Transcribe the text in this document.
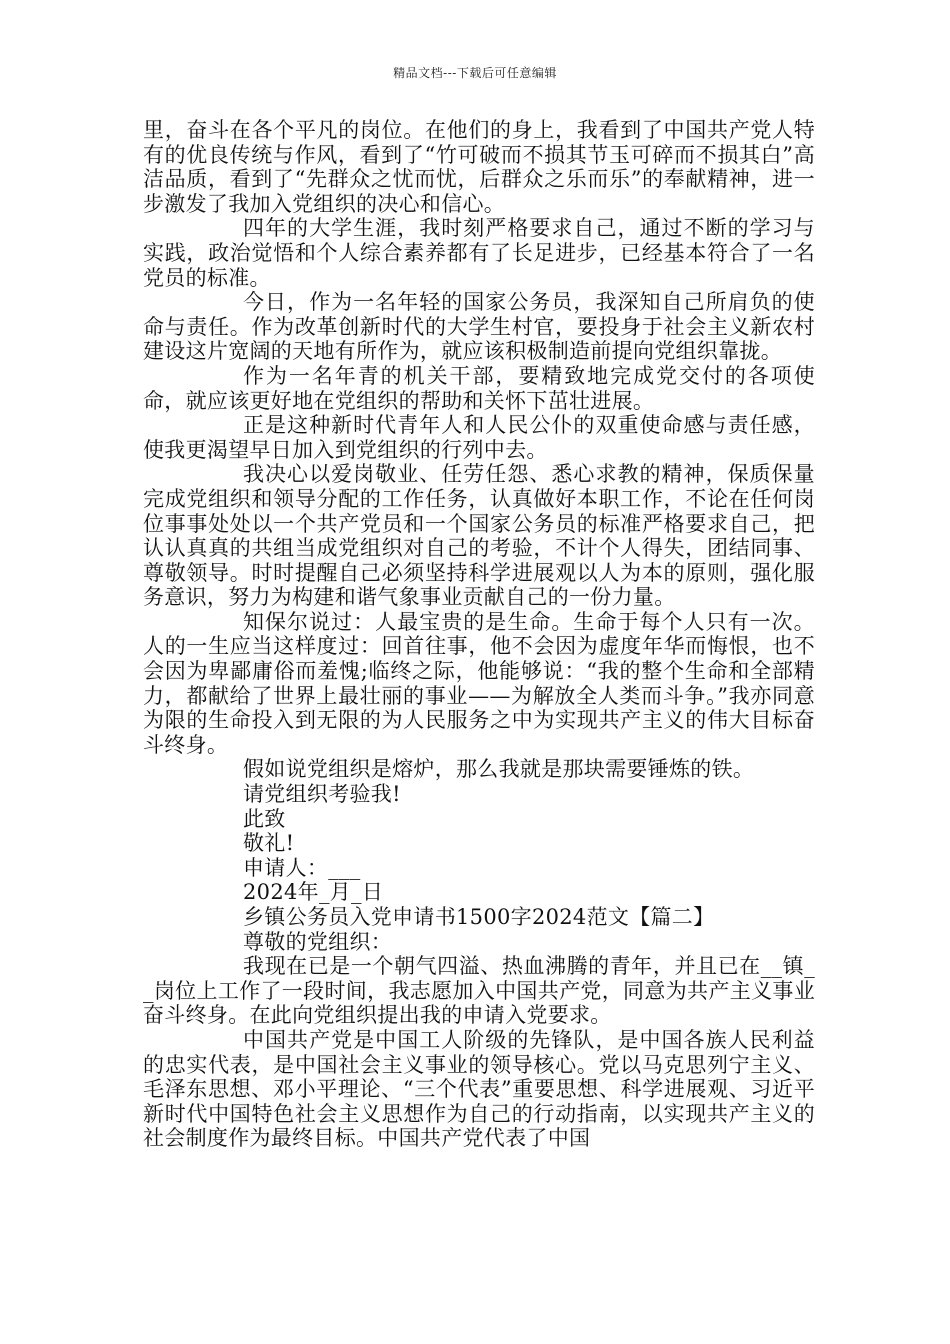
精品文档---下载后可任意编辑

里，奋斗在各个平凡的岗位。在他们的身上，我看到了中国共产党人特有的优良传统与作风，看到了“竹可破而不损其节玉可碎而不损其白”高洁品质，看到了“先群众之忧而忧，后群众之乐而乐”的奉献精神，进一步激发了我加入党组织的决心和信心。

四年的大学生涯，我时刻严格要求自己，通过不断的学习与实践，政治觉悟和个人综合素养都有了长足进步，已经基本符合了一名党员的标准。

今日，作为一名年轻的国家公务员，我深知自己所肩负的使命与责任。作为改革创新时代的大学生村官，要投身于社会主义新农村建设这片宽阔的天地有所作为，就应该积极制造前提向党组织靠拢。

作为一名年青的机关干部，要精致地完成党交付的各项使命，就应该更好地在党组织的帮助和关怀下茁壮进展。

正是这种新时代青年人和人民公仆的双重使命感与责任感，使我更渴望早日加入到党组织的行列中去。

我决心以爱岗敬业、任劳任怨、悉心求教的精神，保质保量完成党组织和领导分配的工作任务，认真做好本职工作，不论在任何岗位事事处处以一个共产党员和一个国家公务员的标准严格要求自己，把认认真真的共组当成党组织对自己的考验，不计个人得失，团结同事、尊敬领导。时时提醒自己必须坚持科学进展观以人为本的原则，强化服务意识，努力为构建和谐气象事业贡献自己的一份力量。

知保尔说过：人最宝贵的是生命。生命于每个人只有一次。人的一生应当这样度过：回首往事，他不会因为虚度年华而悔恨，也不会因为卑鄙庸俗而羞愧;临终之际，他能够说：“我的整个生命和全部精力，都献给了世界上最壮丽的事业——为解放全人类而斗争。”我亦同意为限的生命投入到无限的为人民服务之中为实现共产主义的伟大目标奋斗终身。

假如说党组织是熔炉，那么我就是那块需要锤炼的铁。

请党组织考验我!

此致

敬礼!

申请人：___

2024年_月_日

乡镇公务员入党申请书1500字2024范文【篇二】

尊敬的党组织：

我现在已是一个朝气四溢、热血沸腾的青年，并且已在__镇__岗位上工作了一段时间，我志愿加入中国共产党，同意为共产主义事业奋斗终身。在此向党组织提出我的申请入党要求。

中国共产党是中国工人阶级的先锋队，是中国各族人民利益的忠实代表，是中国社会主义事业的领导核心。党以马克思列宁主义、毛泽东思想、邓小平理论、“三个代表”重要思想、科学进展观、习近平新时代中国特色社会主义思想作为自己的行动指南，以实现共产主义的社会制度作为最终目标。中国共产党代表了中国
